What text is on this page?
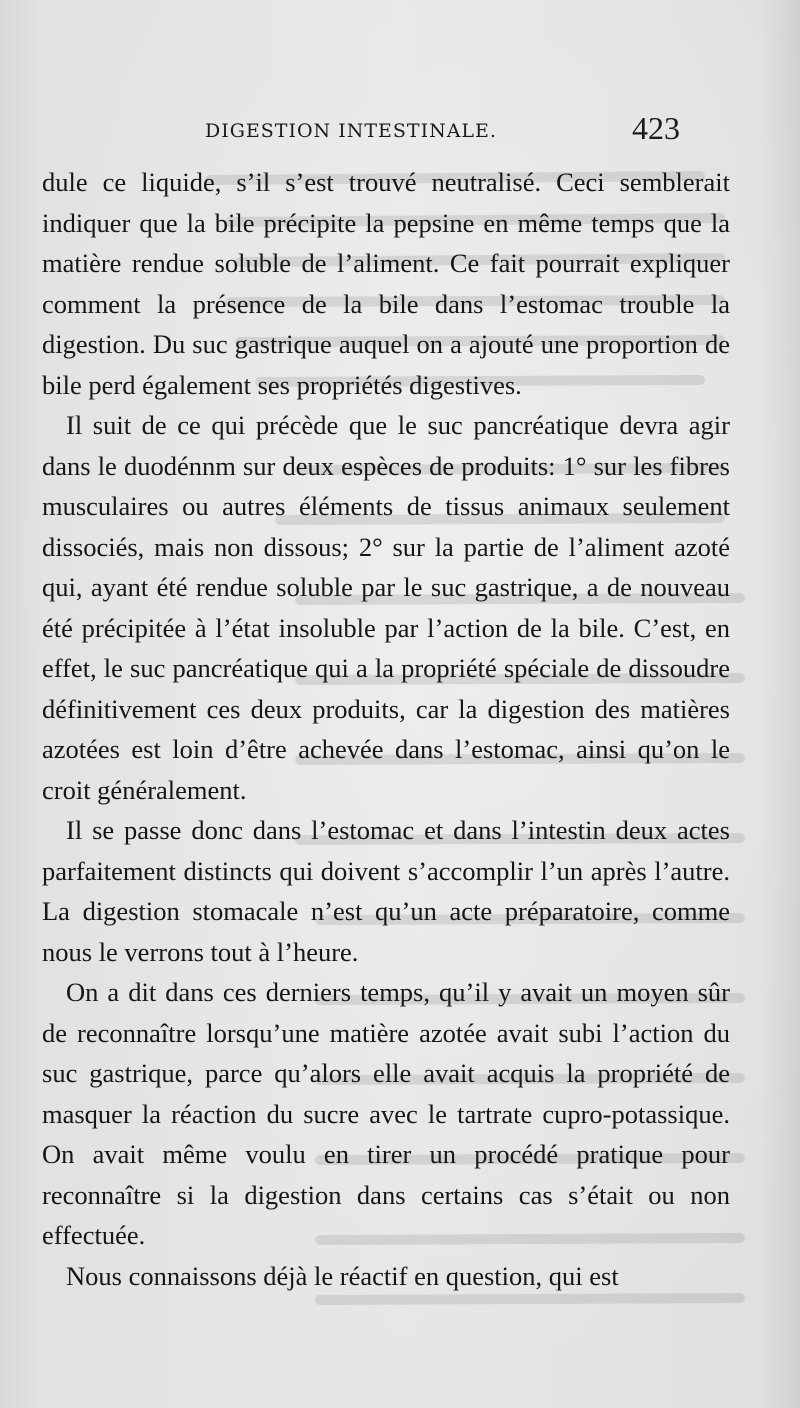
DIGESTION INTESTINALE.	423

dule ce liquide, s’il s’est trouvé neutralisé. Ceci semblerait indiquer que la bile précipite la pepsine en même temps que la matière rendue soluble de l’aliment. Ce fait pourrait expliquer comment la présence de la bile dans l’estomac trouble la digestion. Du suc gastrique auquel on a ajouté une proportion de bile perd également ses propriétés digestives.

Il suit de ce qui précède que le suc pancréatique devra agir dans le duodénnm sur deux espèces de produits: 1° sur les fibres musculaires ou autres éléments de tissus animaux seulement dissociés, mais non dissous; 2° sur la partie de l’aliment azoté qui, ayant été rendue soluble par le suc gastrique, a de nouveau été précipitée à l’état insoluble par l’action de la bile. C’est, en effet, le suc pancréatique qui a la propriété spéciale de dissoudre définitivement ces deux produits, car la digestion des matières azotées est loin d’être achevée dans l’estomac, ainsi qu’on le croit généralement.

Il se passe donc dans l’estomac et dans l’intestin deux actes parfaitement distincts qui doivent s’accomplir l’un après l’autre. La digestion stomacale n’est qu’un acte préparatoire, comme nous le verrons tout à l’heure.

On a dit dans ces derniers temps, qu’il y avait un moyen sûr de reconnaître lorsqu’une matière azotée avait subi l’action du suc gastrique, parce qu’alors elle avait acquis la propriété de masquer la réaction du sucre avec le tartrate cupro-potassique. On avait même voulu en tirer un procédé pratique pour reconnaître si la digestion dans certains cas s’était ou non effectuée.

Nous connaissons déjà le réactif en question, qui est
